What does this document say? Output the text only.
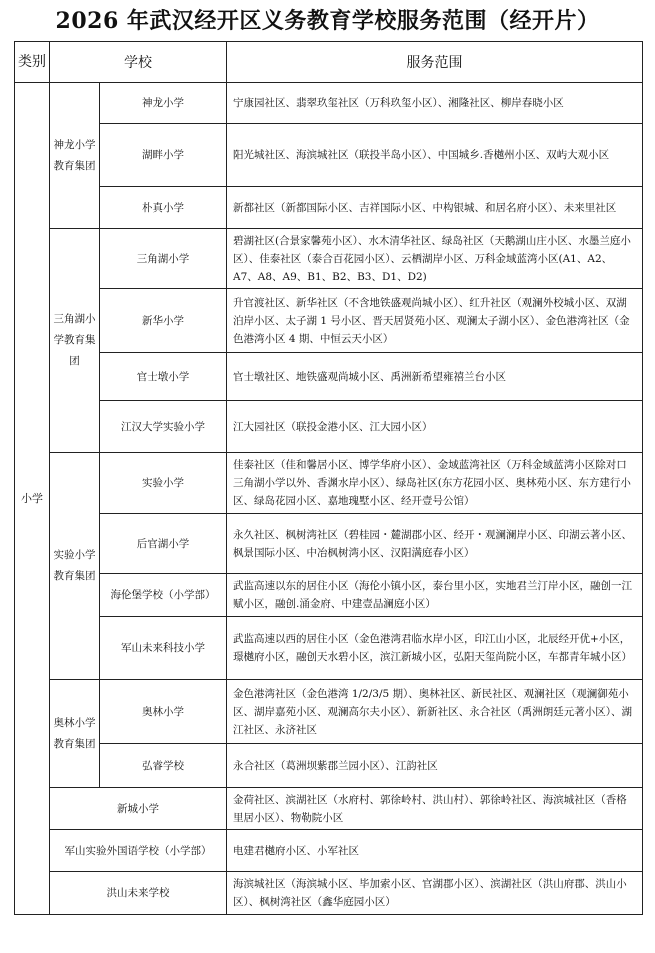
2026 年武汉经开区义务教育学校服务范围（经开片）
类别	学校		服务范围
小学	神龙小学教育集团	神龙小学	宁康园社区、翡翠玖玺社区（万科玖玺小区）、湘隆社区、柳岸春晓小区
		湖畔小学	阳光城社区、海滨城社区（联投半岛小区）、中国城乡.香樾州小区、双屿大观小区
		朴真小学	新都社区（新都国际小区、吉祥国际小区、中构银城、和居名府小区）、未来里社区
	三角湖小学教育集团	三角湖小学	碧湖社区(合景家馨苑小区）、水木清华社区、绿岛社区（天鹅湖山庄小区、水墨兰庭小区）、佳泰社区（泰合百花园小区）、云栖湖岸小区、万科金域蓝湾小区(A1、A2、A7、A8、A9、B1、B2、B3、D1、D2)
		新华小学	升官渡社区、新华社区（不含地铁盛观尚城小区）、红升社区（观澜外校城小区、双湖泊岸小区、太子湖 1 号小区、晋天居贤苑小区、观澜太子湖小区）、金色港湾社区（金色港湾小区 4 期、中恒云天小区）
		官士墩小学	官士墩社区、地铁盛观尚城小区、禹洲新希望雍禧兰台小区
		江汉大学实验小学	江大园社区（联投金港小区、江大园小区）
	实验小学教育集团	实验小学	佳泰社区（佳和馨居小区、博学华府小区）、金域蓝湾社区（万科金域蓝湾小区除对口三角湖小学以外、香渊水岸小区）、绿岛社区(东方花园小区、奥林苑小区、东方建行小区、绿岛花园小区、嘉地瑰墅小区、经开壹号公馆）
		后官湖小学	永久社区、枫树湾社区（碧桂园・麓湖郡小区、经开・观澜澜岸小区、印湖云著小区、枫景国际小区、中冶枫树湾小区、汉阳满庭春小区）
		海伦堡学校（小学部）	武监高速以东的居住小区（海伦小镇小区，泰台里小区，实地君兰汀岸小区，融创一江赋小区，融创.涌金府、中建壹品澜庭小区）
		军山未来科技小学	武监高速以西的居住小区（金色港湾君临水岸小区，印江山小区，北辰经开优+小区，璟樾府小区，融创天水碧小区，滨江新城小区，弘阳天玺尚院小区，车都青年城小区）
	奥林小学教育集团	奥林小学	金色港湾社区（金色港湾 1/2/3/5 期）、奥林社区、新民社区、观澜社区（观澜御苑小区、湖岸嘉苑小区、观澜高尔夫小区）、新新社区、永合社区（禹洲朗廷元著小区）、湖江社区、永济社区
		弘睿学校	永合社区（葛洲坝紫郡兰园小区）、江韵社区
	新城小学		金荷社区、滨湖社区（水府村、郭徐岭村、洪山村）、郭徐岭社区、海滨城社区（香格里居小区）、物勒院小区
	军山实验外国语学校（小学部）		电建君樾府小区、小军社区
	洪山未来学校		海滨城社区（海滨城小区、毕加索小区、官湖郡小区）、滨湖社区（洪山府郡、洪山小区）、枫树湾社区（鑫华庭园小区）
